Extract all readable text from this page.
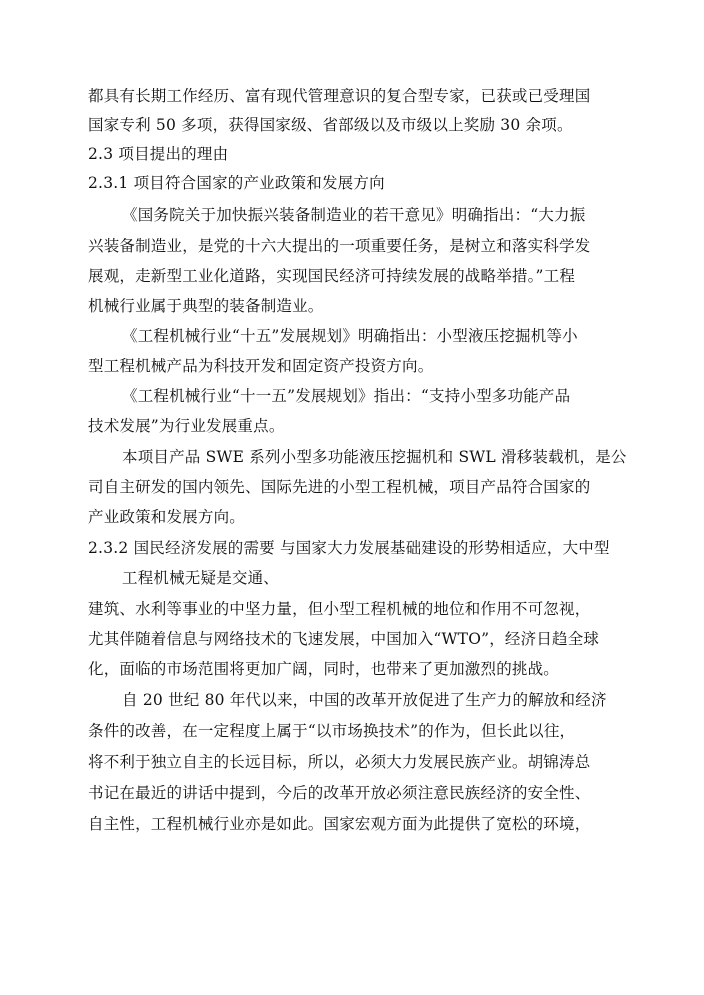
都具有长期工作经历、富有现代管理意识的复合型专家，已获或已受理国
国家专利 50 多项，获得国家级、省部级以及市级以上奖励 30 余项。
2.3 项目提出的理由
2.3.1 项目符合国家的产业政策和发展方向
《国务院关于加快振兴装备制造业的若干意见》明确指出：“大力振
兴装备制造业，是党的十六大提出的一项重要任务，是树立和落实科学发
展观，走新型工业化道路，实现国民经济可持续发展的战略举措。”工程
机械行业属于典型的装备制造业。
《工程机械行业“十五”发展规划》明确指出：小型液压挖掘机等小
型工程机械产品为科技开发和固定资产投资方向。
《工程机械行业“十一五”发展规划》指出：“支持小型多功能产品
技术发展”为行业发展重点。
本项目产品 SWE 系列小型多功能液压挖掘机和 SWL 滑移装载机，是公
司自主研发的国内领先、国际先进的小型工程机械，项目产品符合国家的
产业政策和发展方向。
2.3.2 国民经济发展的需要 与国家大力发展基础建设的形势相适应，大中型
工程机械无疑是交通、
建筑、水利等事业的中坚力量，但小型工程机械的地位和作用不可忽视，
尤其伴随着信息与网络技术的飞速发展，中国加入“WTO”，经济日趋全球
化，面临的市场范围将更加广阔，同时，也带来了更加激烈的挑战。
自 20 世纪 80 年代以来，中国的改革开放促进了生产力的解放和经济
条件的改善，在一定程度上属于“以市场换技术”的作为，但长此以往，
将不利于独立自主的长远目标，所以，必须大力发展民族产业。胡锦涛总
书记在最近的讲话中提到，今后的改革开放必须注意民族经济的安全性、
自主性，工程机械行业亦是如此。国家宏观方面为此提供了宽松的环境，
